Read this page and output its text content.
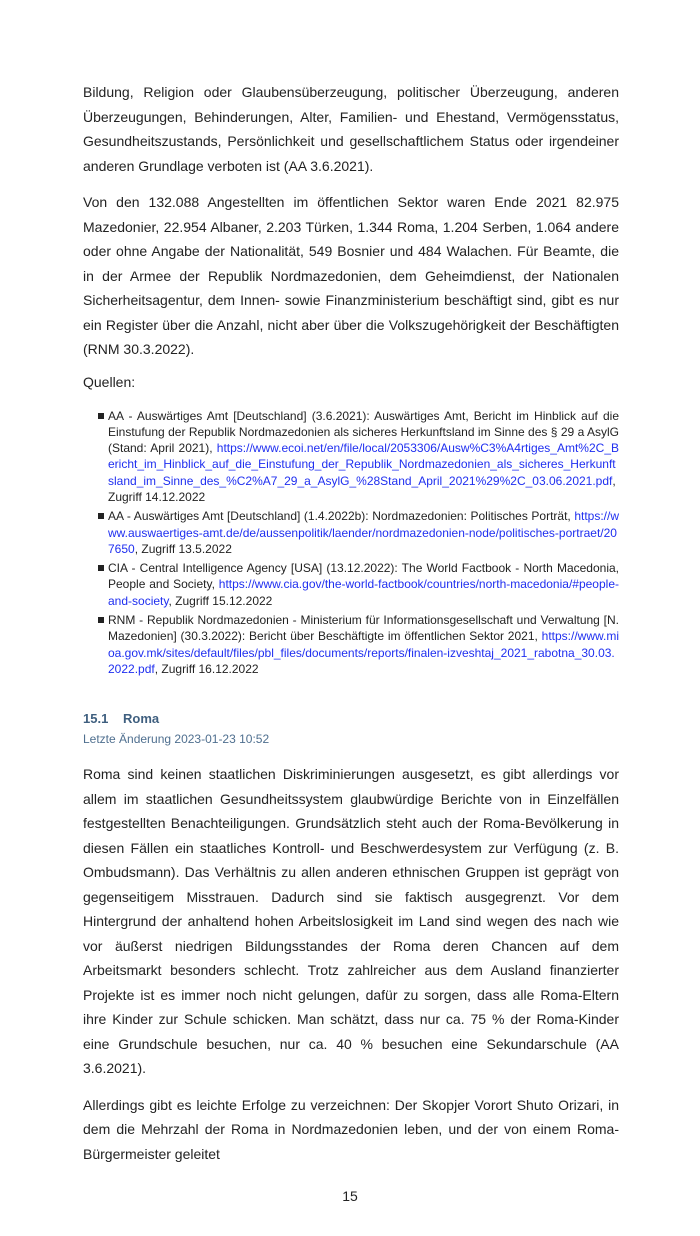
Bildung, Religion oder Glaubensüberzeugung, politischer Überzeugung, anderen Überzeugungen, Behinderungen, Alter, Familien- und Ehestand, Vermögensstatus, Gesundheitszustands, Persönlichkeit und gesellschaftlichem Status oder irgendeiner anderen Grundlage verboten ist (AA 3.6.2021).

Von den 132.088 Angestellten im öffentlichen Sektor waren Ende 2021 82.975 Mazedonier, 22.954 Albaner, 2.203 Türken, 1.344 Roma, 1.204 Serben, 1.064 andere oder ohne Angabe der Nationalität, 549 Bosnier und 484 Walachen. Für Beamte, die in der Armee der Republik Nordmazedonien, dem Geheimdienst, der Nationalen Sicherheitsagentur, dem Innen- sowie Finanzministerium beschäftigt sind, gibt es nur ein Register über die Anzahl, nicht aber über die Volkszugehörigkeit der Beschäftigten (RNM 30.3.2022).

Quellen:

AA - Auswärtiges Amt [Deutschland] (3.6.2021): Auswärtiges Amt, Bericht im Hinblick auf die Einstufung der Republik Nordmazedonien als sicheres Herkunftsland im Sinne des § 29 a AsylG (Stand: April 2021), https://www.ecoi.net/en/file/local/2053306/Ausw%C3%A4rtiges_Amt%2C_Bericht_im_Hinblick_auf_die_Einstufung_der_Republik_Nordmazedonien_als_sicheres_Herkunftsland_im_Sinne_des_%C2%A7_29_a_AsylG_%28Stand_April_2021%29%2C_03.06.2021.pdf, Zugriff 14.12.2022
AA - Auswärtiges Amt [Deutschland] (1.4.2022b): Nordmazedonien: Politisches Porträt, https://www.auswaertiges-amt.de/de/aussenpolitik/laender/nordmazedonien-node/politisches-portraet/207650, Zugriff 13.5.2022
CIA - Central Intelligence Agency [USA] (13.12.2022): The World Factbook - North Macedonia, People and Society, https://www.cia.gov/the-world-factbook/countries/north-macedonia/#people-and-society, Zugriff 15.12.2022
RNM - Republik Nordmazedonien - Ministerium für Informationsgesellschaft und Verwaltung [N. Mazedonien] (30.3.2022): Bericht über Beschäftigte im öffentlichen Sektor 2021, https://www.mioa.gov.mk/sites/default/files/pbl_files/documents/reports/finalen-izveshtaj_2021_rabotna_30.03.2022.pdf, Zugriff 16.12.2022
15.1 Roma
Letzte Änderung 2023-01-23 10:52

Roma sind keinen staatlichen Diskriminierungen ausgesetzt, es gibt allerdings vor allem im staatlichen Gesundheitssystem glaubwürdige Berichte von in Einzelfällen festgestellten Benachteiligungen. Grundsätzlich steht auch der Roma-Bevölkerung in diesen Fällen ein staatliches Kontroll- und Beschwerdesystem zur Verfügung (z. B. Ombudsmann). Das Verhältnis zu allen anderen ethnischen Gruppen ist geprägt von gegenseitigem Misstrauen. Dadurch sind sie faktisch ausgegrenzt. Vor dem Hintergrund der anhaltend hohen Arbeitslosigkeit im Land sind wegen des nach wie vor äußerst niedrigen Bildungsstandes der Roma deren Chancen auf dem Arbeitsmarkt besonders schlecht. Trotz zahlreicher aus dem Ausland finanzierter Projekte ist es immer noch nicht gelungen, dafür zu sorgen, dass alle Roma-Eltern ihre Kinder zur Schule schicken. Man schätzt, dass nur ca. 75 % der Roma-Kinder eine Grundschule besuchen, nur ca. 40 % besuchen eine Sekundarschule (AA 3.6.2021).

Allerdings gibt es leichte Erfolge zu verzeichnen: Der Skopjer Vorort Shuto Orizari, in dem die Mehrzahl der Roma in Nordmazedonien leben, und der von einem Roma-Bürgermeister geleitet

15
